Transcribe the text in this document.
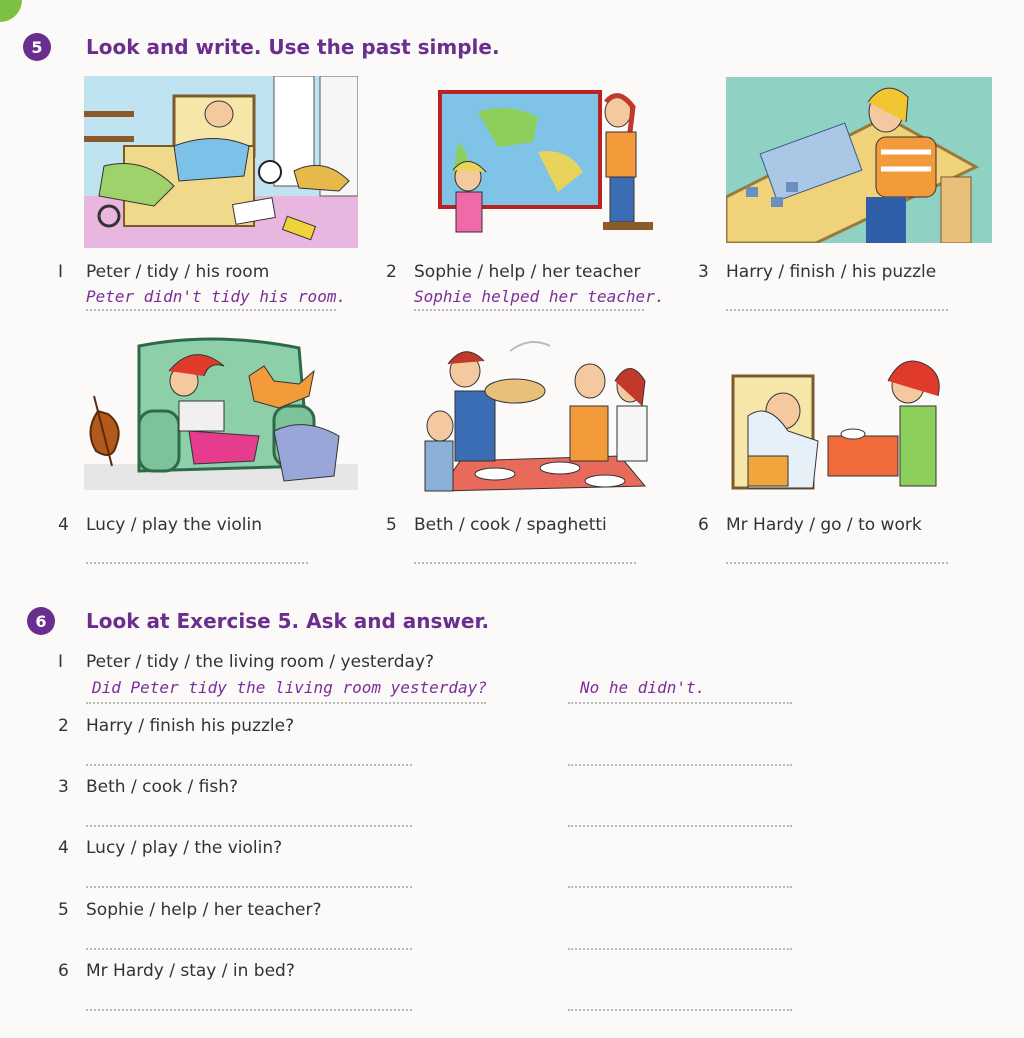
5	Look and write. Use the past simple.
I Peter / tidy / his room
Peter didn't tidy his room.
2 Sophie / help / her teacher
Sophie helped her teacher.
3 Harry / finish / his puzzle
4 Lucy / play the violin	5 Beth / cook / spaghetti	6 Mr Hardy / go / to work
6	Look at Exercise 5. Ask and answer.
I Peter / tidy / the living room / yesterday?
Did Peter tidy the living room yesterday?	No he didn't.
2 Harry / finish his puzzle?
3 Beth / cook / fish?
4 Lucy / play / the violin?
5 Sophie / help / her teacher?
6 Mr Hardy / stay / in bed?
